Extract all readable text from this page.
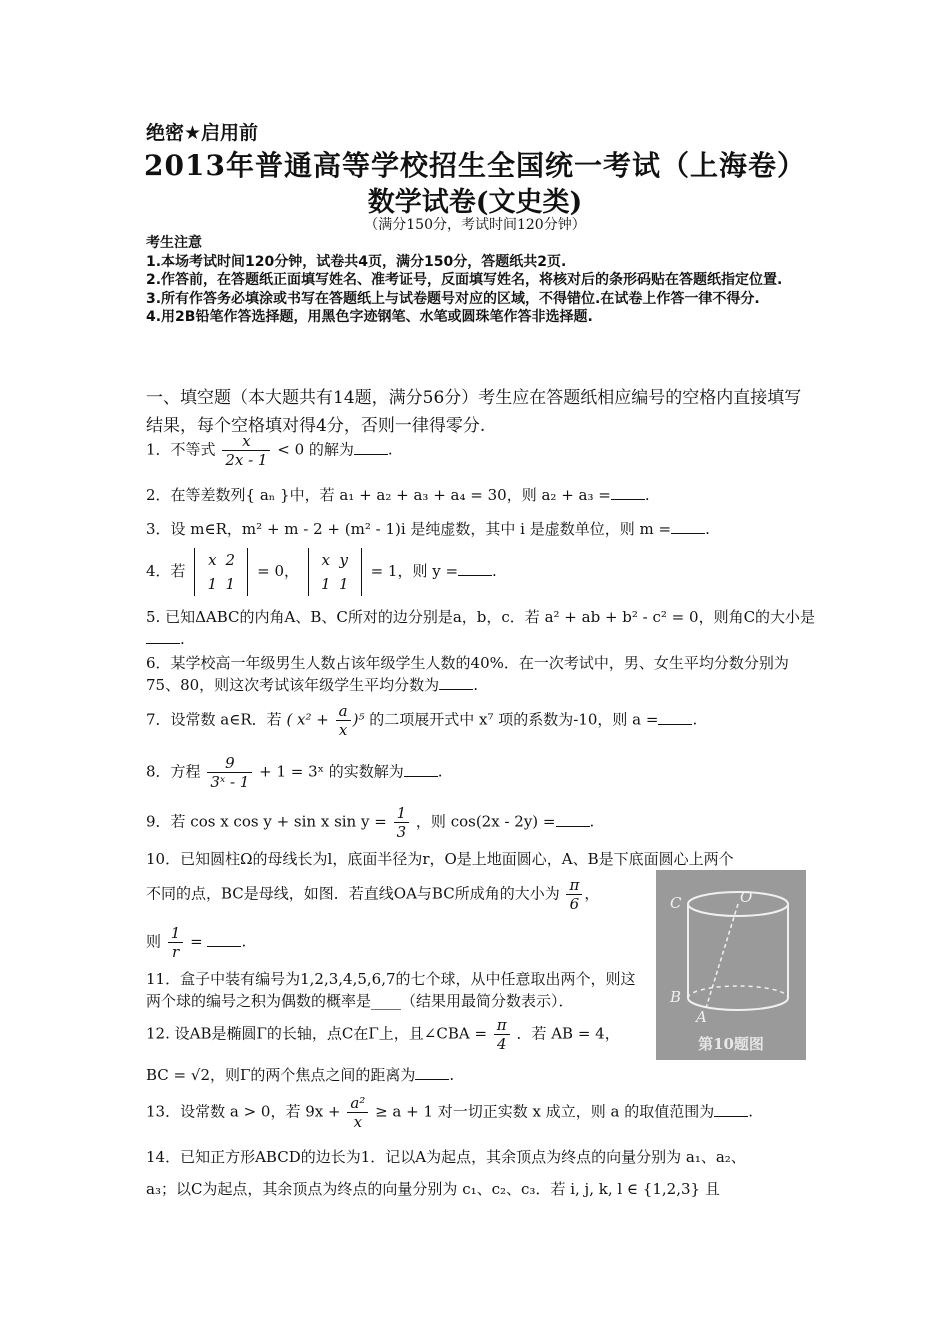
绝密★启用前
2013年普通高等学校招生全国统一考试（上海卷）
数学试卷(文史类)
（满分150分，考试时间120分钟）
考生注意
1.本场考试时间120分钟，试卷共4页，满分150分，答题纸共2页.
2.作答前，在答题纸正面填写姓名、准考证号，反面填写姓名，将核对后的条形码贴在答题纸指定位置.
3.所有作答务必填涂或书写在答题纸上与试卷题号对应的区域，不得错位.在试卷上作答一律不得分.
4.用2B铅笔作答选择题，用黑色字迹钢笔、水笔或圆珠笔作答非选择题.
一、填空题（本大题共有14题，满分56分）考生应在答题纸相应编号的空格内直接填写结果，每个空格填对得4分，否则一律得零分.
1．不等式 $\frac{x}{2x - 1} < 0$ 的解为 .
2．在等差数列{ aₙ }中，若 a₁ + a₂ + a₃ + a₄ = 30，则 a₂ + a₃ = .
3．设 m∈R，m² + m - 2 + (m² - 1)i 是纯虚数，其中 i 是虚数单位，则 m = .
4．若 x 2
1 1 = 0， x y
1 1 = 1，则 y = .
5. 已知ΔABC的内角A、B、C所对的边分别是a，b，c．若 a² + ab + b² - c² = 0，则角C的大小是.
6．某学校高一年级男生人数占该年级学生人数的40%．在一次考试中，男、女生平均分数分别为75、80，则这次考试该年级学生平均分数为 .
7．设常数 a∈R．若 ( $x^2 + \frac{a}{x} )^5$ 的二项展开式中 x⁷ 项的系数为-10，则 a = .
8．方程 $\frac{9}{\text{3ˣ - 1}} + 1$ = 3ˣ 的实数解为 .
9．若 cos x cos y + sin x $\sin y = \frac{1}{3}$ ，则 cos(2x - 2y) = .
10．已知圆柱Ω的母线长为l，底面半径为r，O是上地面圆心，A、B是下底面圆心上两个
不同的点，BC是母线，如图．若直线OA与BC所成角的大小为 $\frac{\pi}{6}$ ，
则 $\frac{1}{r}$ = .
11．盒子中装有编号为1,2,3,4,5,6,7的七个球，从中任意取出两个，则这两个球的编号之积为偶数的概率是____（结果用最简分数表示）．
12. 设AB是椭圆Γ的长轴，点C在Γ上，且∠CBA = $\frac{\pi}{4}$ ．若 AB = 4，
BC = √2，则Γ的两个焦点之间的距离为 .
13．设常数 a > 0，若 $9x + \frac{\text{a²}}{x} \ge a + 1$ 对一切正实数 x 成立，则 a 的取值范围为 .
14．已知正方形ABCD的边长为1．记以A为起点，其余顶点为终点的向量分别为 a₁、a₂、
a₃；以C为起点，其余顶点为终点的向量分别为 c₁、c₂、c₃．若 i, j, k, l ∈ {1,2,3} 且
C	O
B
A
第10题图
